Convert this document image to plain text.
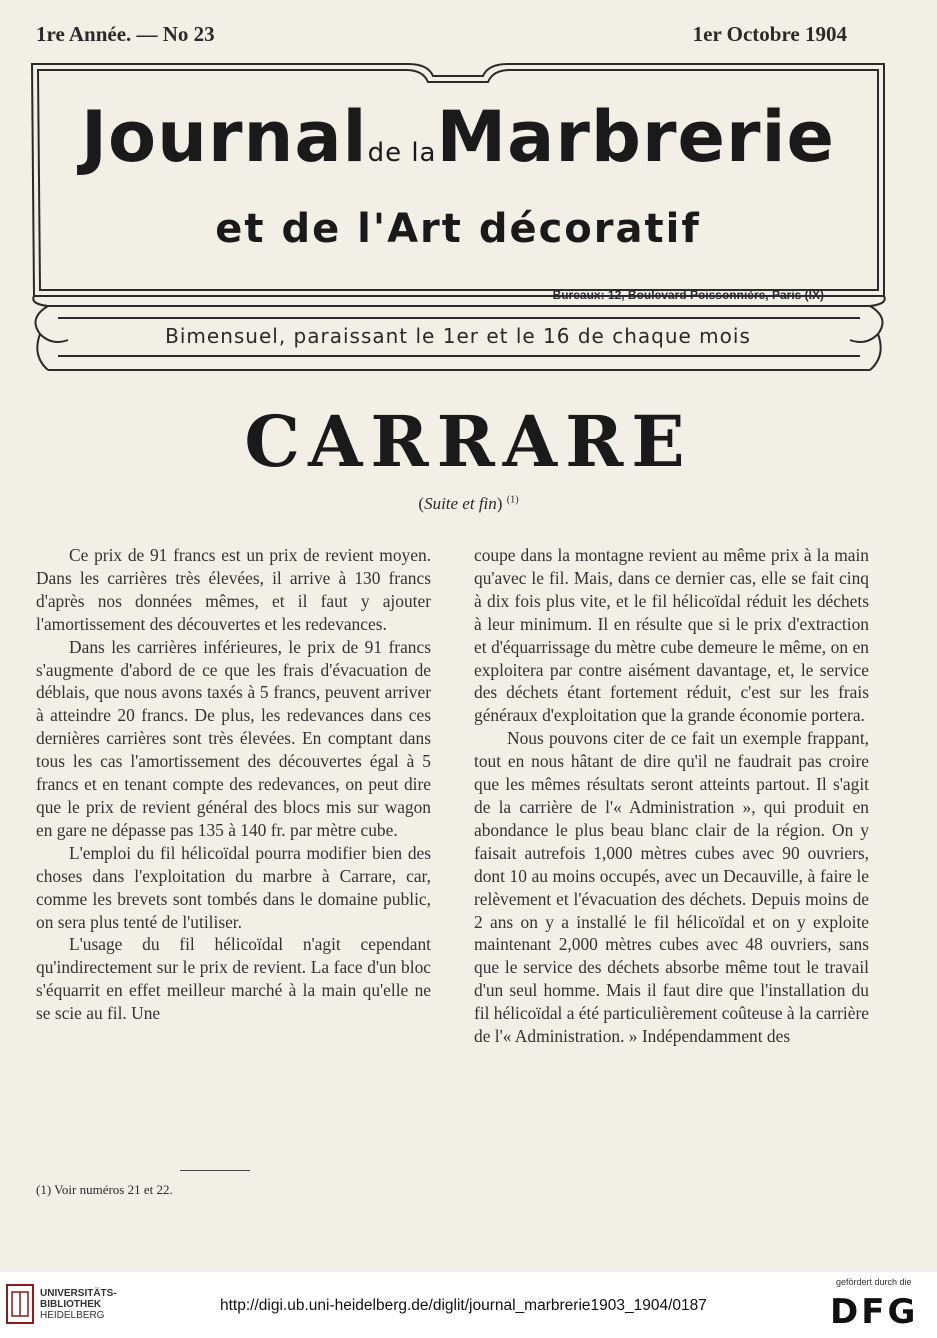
1re Année. — No 23	1er Octobre 1904
Journalde laMarbrerie
et de l'Art décoratif
Bureaux: 12, Boulevard Poissonnière, Paris (IX)
Bimensuel, paraissant le 1er et le 16 de chaque mois
CARRARE
(Suite et fin) $^{(1)}$

Ce prix de 91 francs est un prix de revient moyen. Dans les carrières très élevées, il arrive à 130 francs d'après nos données mêmes, et il faut y ajouter l'amortissement des découvertes et les redevances.

Dans les carrières inférieures, le prix de 91 francs s'augmente d'abord de ce que les frais d'évacuation de déblais, que nous avons taxés à 5 francs, peuvent arriver à atteindre 20 francs. De plus, les redevances dans ces dernières carrières sont très élevées. En comptant dans tous les cas l'amortissement des découvertes égal à 5 francs et en tenant compte des redevances, on peut dire que le prix de revient général des blocs mis sur wagon en gare ne dépasse pas 135 à 140 fr. par mètre cube.

L'emploi du fil hélicoïdal pourra modifier bien des choses dans l'exploitation du marbre à Carrare, car, comme les brevets sont tombés dans le domaine public, on sera plus tenté de l'utiliser.

L'usage du fil hélicoïdal n'agit cependant qu'indirectement sur le prix de revient. La face d'un bloc s'équarrit en effet meilleur marché à la main qu'elle ne se scie au fil. Une

coupe dans la montagne revient au même prix à la main qu'avec le fil. Mais, dans ce dernier cas, elle se fait cinq à dix fois plus vite, et le fil hélicoïdal réduit les déchets à leur minimum. Il en résulte que si le prix d'extraction et d'équarrissage du mètre cube demeure le même, on en exploitera par contre aisément davantage, et, le service des déchets étant fortement réduit, c'est sur les frais généraux d'exploitation que la grande économie portera.

Nous pouvons citer de ce fait un exemple frappant, tout en nous hâtant de dire qu'il ne faudrait pas croire que les mêmes résultats seront atteints partout. Il s'agit de la carrière de l'« Administration », qui produit en abondance le plus beau blanc clair de la région. On y faisait autrefois 1,000 mètres cubes avec 90 ouvriers, dont 10 au moins occupés, avec un Decauville, à faire le relèvement et l'évacuation des déchets. Depuis moins de 2 ans on y a installé le fil hélicoïdal et on y exploite maintenant 2,000 mètres cubes avec 48 ouvriers, sans que le service des déchets absorbe même tout le travail d'un seul homme. Mais il faut dire que l'installation du fil hélicoïdal a été particulièrement coûteuse à la carrière de l'« Administration. » Indépendamment des

(1) Voir numéros 21 et 22.
UNIVERSITÄTS-
BIBLIOTHEK
HEIDELBERG
http://digi.ub.uni-heidelberg.de/diglit/journal_marbrerie1903_1904/0187
gefördert durch die
DFG
